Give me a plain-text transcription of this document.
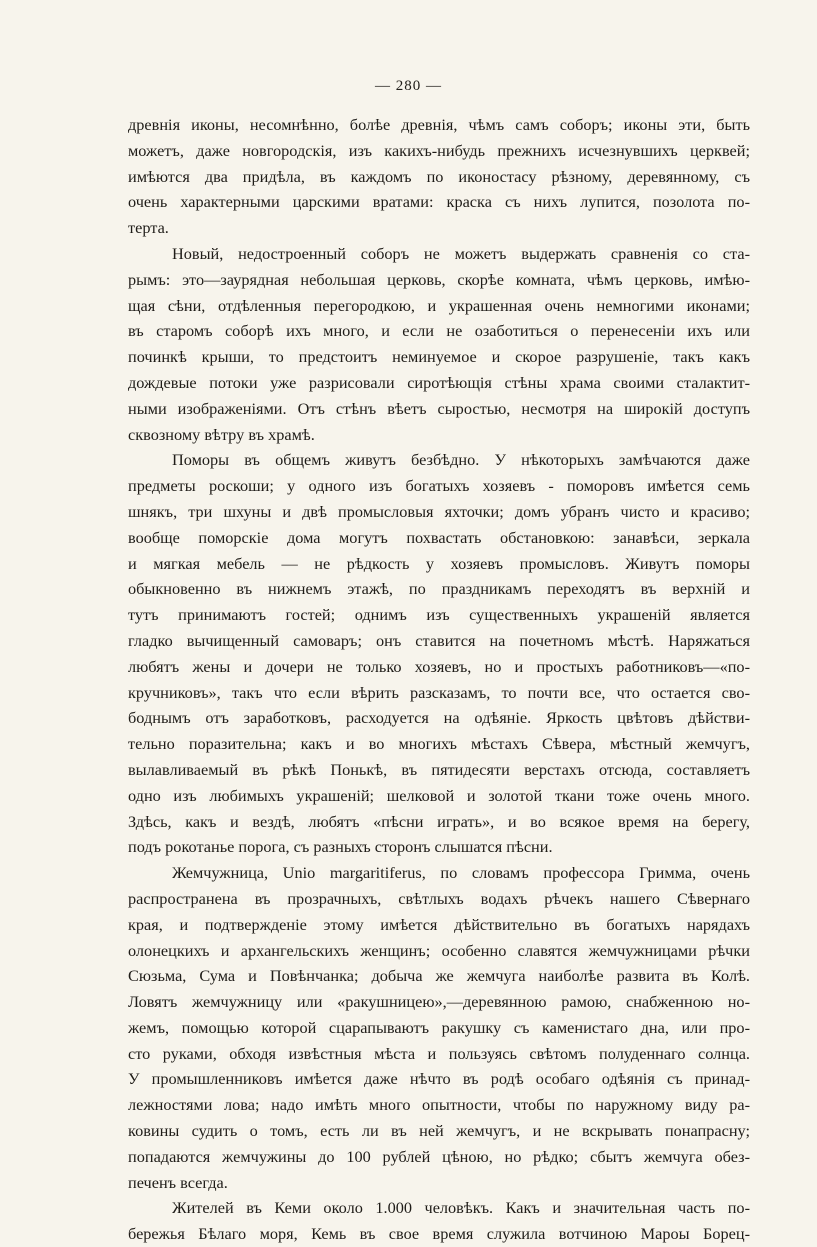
— 280 —
древнія иконы, несомнѣнно, болѣе древнія, чѣмъ самъ соборъ; иконы эти, быть
можетъ, даже новгородскія, изъ какихъ-нибудь прежнихъ исчезнувшихъ церквей;
имѣются два придѣла, въ каждомъ по иконостасу рѣзному, деревянному, съ
очень характерными царскими вратами: краска съ нихъ лупится, позолота по-
терта.
Новый, недостроенный соборъ не можетъ выдержать сравненія со ста-
рымъ: это—заурядная небольшая церковь, скорѣе комната, чѣмъ церковь, имѣю-
щая сѣни, отдѣленныя перегородкою, и украшенная очень немногими иконами;
въ старомъ соборѣ ихъ много, и если не озаботиться о перенесеніи ихъ или
починкѣ крыши, то предстоитъ неминуемое и скорое разрушеніе, такъ какъ
дождевые потоки уже разрисовали сиротѣющія стѣны храма своими сталактит-
ными изображеніями. Отъ стѣнъ вѣетъ сыростью, несмотря на широкій доступъ
сквозному вѣтру въ храмѣ.
Поморы въ общемъ живутъ безбѣдно. У нѣкоторыхъ замѣчаются даже
предметы роскоши; у одного изъ богатыхъ хозяевъ - поморовъ имѣется семь
шнякъ, три шхуны и двѣ промысловыя яхточки; домъ убранъ чисто и красиво;
вообще поморскіе дома могутъ похвастать обстановкою: занавѣси, зеркала
и мягкая мебель — не рѣдкость у хозяевъ промысловъ. Живутъ поморы
обыкновенно въ нижнемъ этажѣ, по праздникамъ переходятъ въ верхній и
тутъ принимаютъ гостей; однимъ изъ существенныхъ украшеній является
гладко вычищенный самоваръ; онъ ставится на почетномъ мѣстѣ. Наряжаться
любятъ жены и дочери не только хозяевъ, но и простыхъ работниковъ—«по-
кручниковъ», такъ что если вѣрить разсказамъ, то почти все, что остается сво-
боднымъ отъ заработковъ, расходуется на одѣяніе. Яркость цвѣтовъ дѣйстви-
тельно поразительна; какъ и во многихъ мѣстахъ Сѣвера, мѣстный жемчугъ,
вылавливаемый въ рѣкѣ Понькѣ, въ пятидесяти верстахъ отсюда, составляетъ
одно изъ любимыхъ украшеній; шелковой и золотой ткани тоже очень много.
Здѣсь, какъ и вездѣ, любятъ «пѣсни играть», и во всякое время на берегу,
подъ рокотанье порога, съ разныхъ сторонъ слышатся пѣсни.
Жемчужница, Unio margaritiferus, по словамъ профессора Гримма, очень
распространена въ прозрачныхъ, свѣтлыхъ водахъ рѣчекъ нашего Сѣвернаго
края, и подтвержденіе этому имѣется дѣйствительно въ богатыхъ нарядахъ
олонецкихъ и архангельскихъ женщинъ; особенно славятся жемчужницами рѣчки
Сюзьма, Сума и Повѣнчанка; добыча же жемчуга наиболѣе развита въ Колѣ.
Ловятъ жемчужницу или «ракушницею»,—деревянною рамою, снабженною но-
жемъ, помощью которой сцарапываютъ ракушку съ каменистаго дна, или про-
сто руками, обходя извѣстныя мѣста и пользуясь свѣтомъ полуденнаго солнца.
У промышленниковъ имѣется даже нѣчто въ родѣ особаго одѣянія съ принад-
лежностями лова; надо имѣть много опытности, чтобы по наружному виду ра-
ковины судить о томъ, есть ли въ ней жемчугъ, и не вскрывать понапрасну;
попадаются жемчужины до 100 рублей цѣною, но рѣдко; сбытъ жемчуга обез-
печенъ всегда.
Жителей въ Кеми около 1.000 человѣкъ. Какъ и значительная часть по-
бережья Бѣлаго моря, Кемь въ свое время служила вотчиною Мароы Борец-
